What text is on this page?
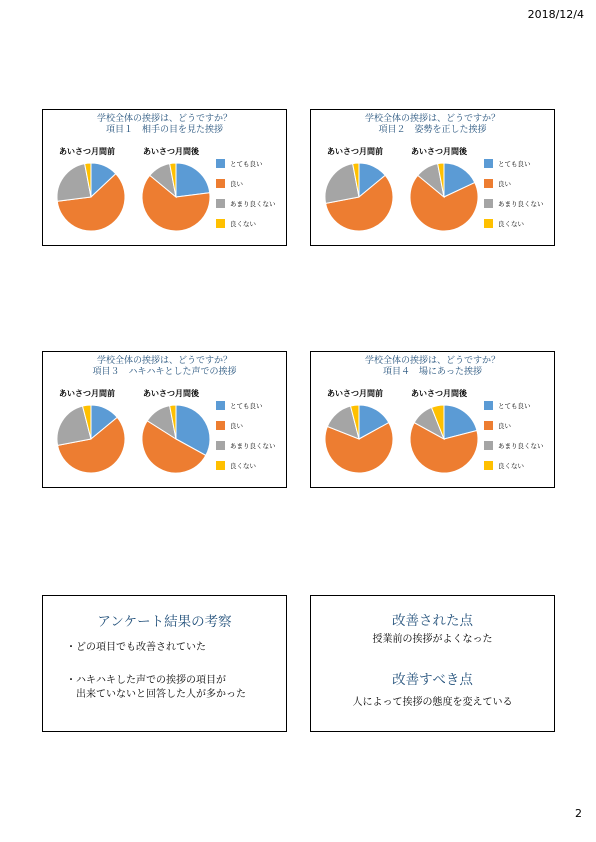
2018/12/4
学校全体の挨拶は、どうですか？
項目１　相手の目を見た挨拶
あいさつ月間前	あいさつ月間後
とても良い
良い
あまり良くない
良くない
学校全体の挨拶は、どうですか？
項目２　姿勢を正した挨拶
あいさつ月間前	あいさつ月間後
とても良い
良い
あまり良くない
良くない
学校全体の挨拶は、どうですか？
項目３　ハキハキとした声での挨拶
あいさつ月間前	あいさつ月間後
とても良い
良い
あまり良くない
良くない
学校全体の挨拶は、どうですか？
項目４　場にあった挨拶
あいさつ月間前	あいさつ月間後
とても良い
良い
あまり良くない
良くない
アンケート結果の考察
・どの項目でも改善されていた
・ハキハキした声での挨拶の項目が
　出来ていないと回答した人が多かった
改善された点
授業前の挨拶がよくなった
改善すべき点
人によって挨拶の態度を変えている
2
